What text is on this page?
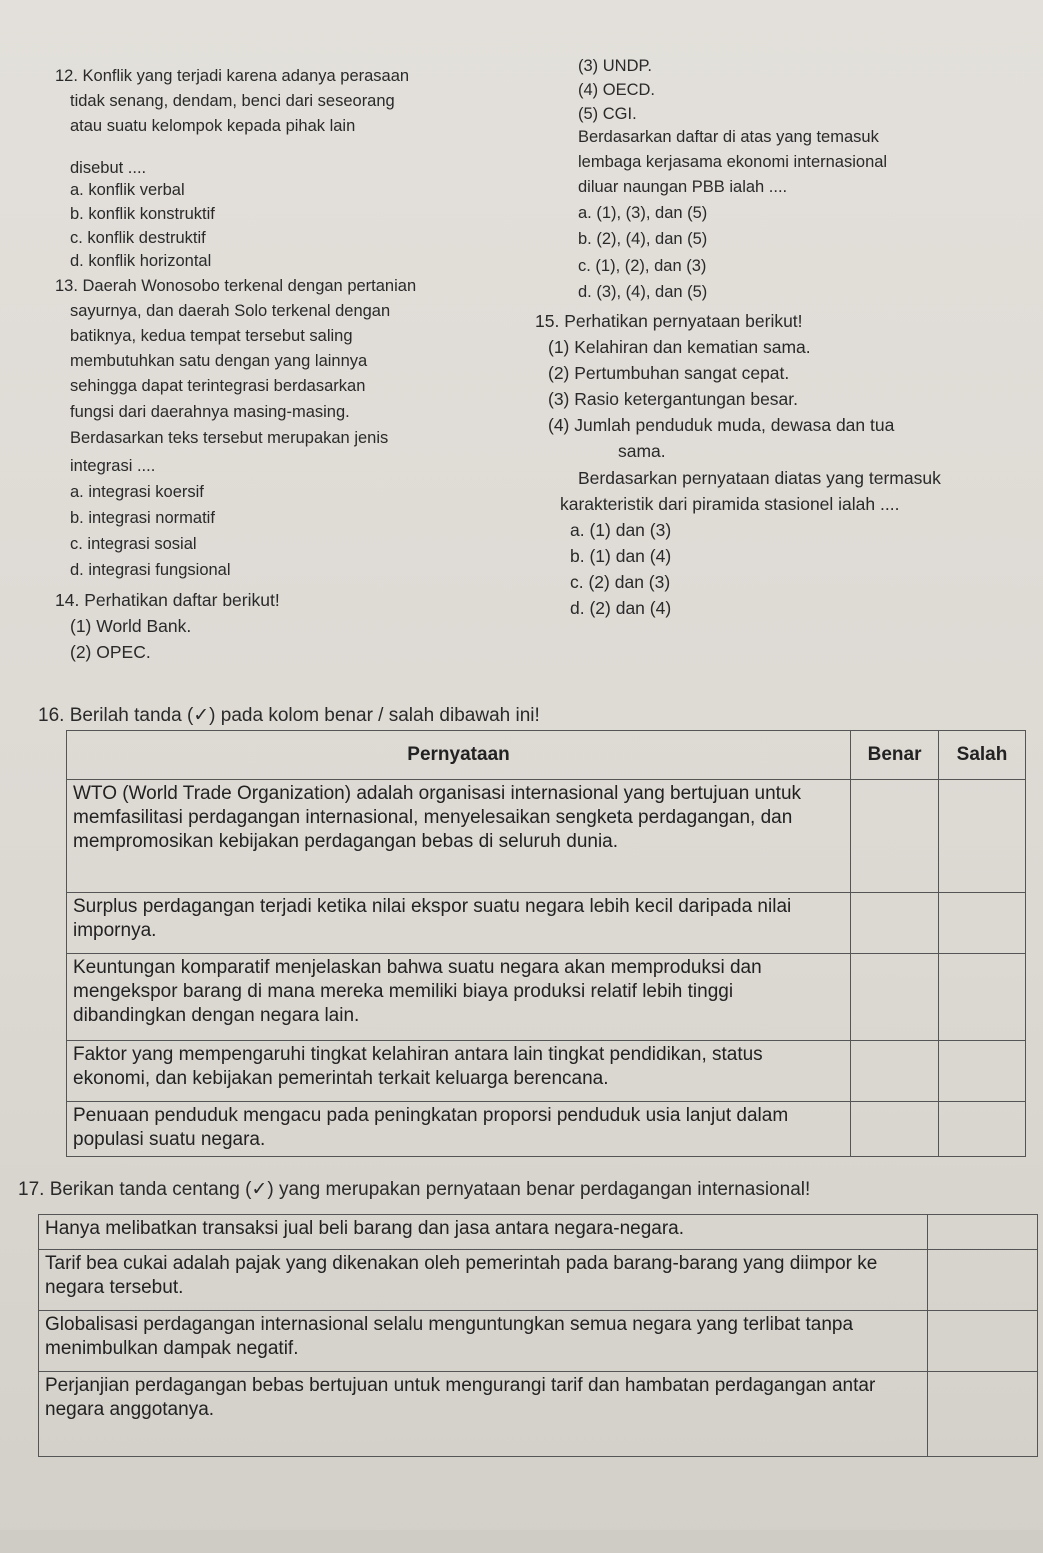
12. Konflik yang terjadi karena adanya perasaan
tidak senang, dendam, benci dari seseorang
atau suatu kelompok kepada pihak lain
disebut ....
a. konflik verbal
b. konflik konstruktif
c. konflik destruktif
d. konflik horizontal
13. Daerah Wonosobo terkenal dengan pertanian
sayurnya, dan daerah Solo terkenal dengan
batiknya, kedua tempat tersebut saling
membutuhkan satu dengan yang lainnya
sehingga dapat terintegrasi berdasarkan
fungsi dari daerahnya masing-masing.
Berdasarkan teks tersebut merupakan jenis
integrasi ....
a. integrasi koersif
b. integrasi normatif
c. integrasi sosial
d. integrasi fungsional
14. Perhatikan daftar berikut!
(1) World Bank.
(2) OPEC.
(3) UNDP.
(4) OECD.
(5) CGI.
Berdasarkan daftar di atas yang temasuk
lembaga kerjasama ekonomi internasional
diluar naungan PBB ialah ....
a. (1), (3), dan (5)
b. (2), (4), dan (5)
c. (1), (2), dan (3)
d. (3), (4), dan (5)
15. Perhatikan pernyataan berikut!
(1) Kelahiran dan kematian sama.
(2) Pertumbuhan sangat cepat.
(3) Rasio ketergantungan besar.
(4) Jumlah penduduk muda, dewasa dan tua
sama.
Berdasarkan pernyataan diatas yang termasuk
karakteristik dari piramida stasionel ialah ....
a. (1) dan (3)
b. (1) dan (4)
c. (2) dan (3)
d. (2) dan (4)
16. Berilah tanda (✓) pada kolom benar / salah dibawah ini!
Pernyataan	Benar	Salah
WTO (World Trade Organization) adalah organisasi internasional yang bertujuan untuk memfasilitasi perdagangan internasional, menyelesaikan sengketa perdagangan, dan mempromosikan kebijakan perdagangan bebas di seluruh dunia.		
Surplus perdagangan terjadi ketika nilai ekspor suatu negara lebih kecil daripada nilai impornya.		
Keuntungan komparatif menjelaskan bahwa suatu negara akan memproduksi dan mengekspor barang di mana mereka memiliki biaya produksi relatif lebih tinggi dibandingkan dengan negara lain.		
Faktor yang mempengaruhi tingkat kelahiran antara lain tingkat pendidikan, status ekonomi, dan kebijakan pemerintah terkait keluarga berencana.		
Penuaan penduduk mengacu pada peningkatan proporsi penduduk usia lanjut dalam populasi suatu negara.		
17. Berikan tanda centang (✓) yang merupakan pernyataan benar perdagangan internasional!
Hanya melibatkan transaksi jual beli barang dan jasa antara negara-negara.	
Tarif bea cukai adalah pajak yang dikenakan oleh pemerintah pada barang-barang yang diimpor ke negara tersebut.	
Globalisasi perdagangan internasional selalu menguntungkan semua negara yang terlibat tanpa menimbulkan dampak negatif.	
Perjanjian perdagangan bebas bertujuan untuk mengurangi tarif dan hambatan perdagangan antar negara anggotanya.	
